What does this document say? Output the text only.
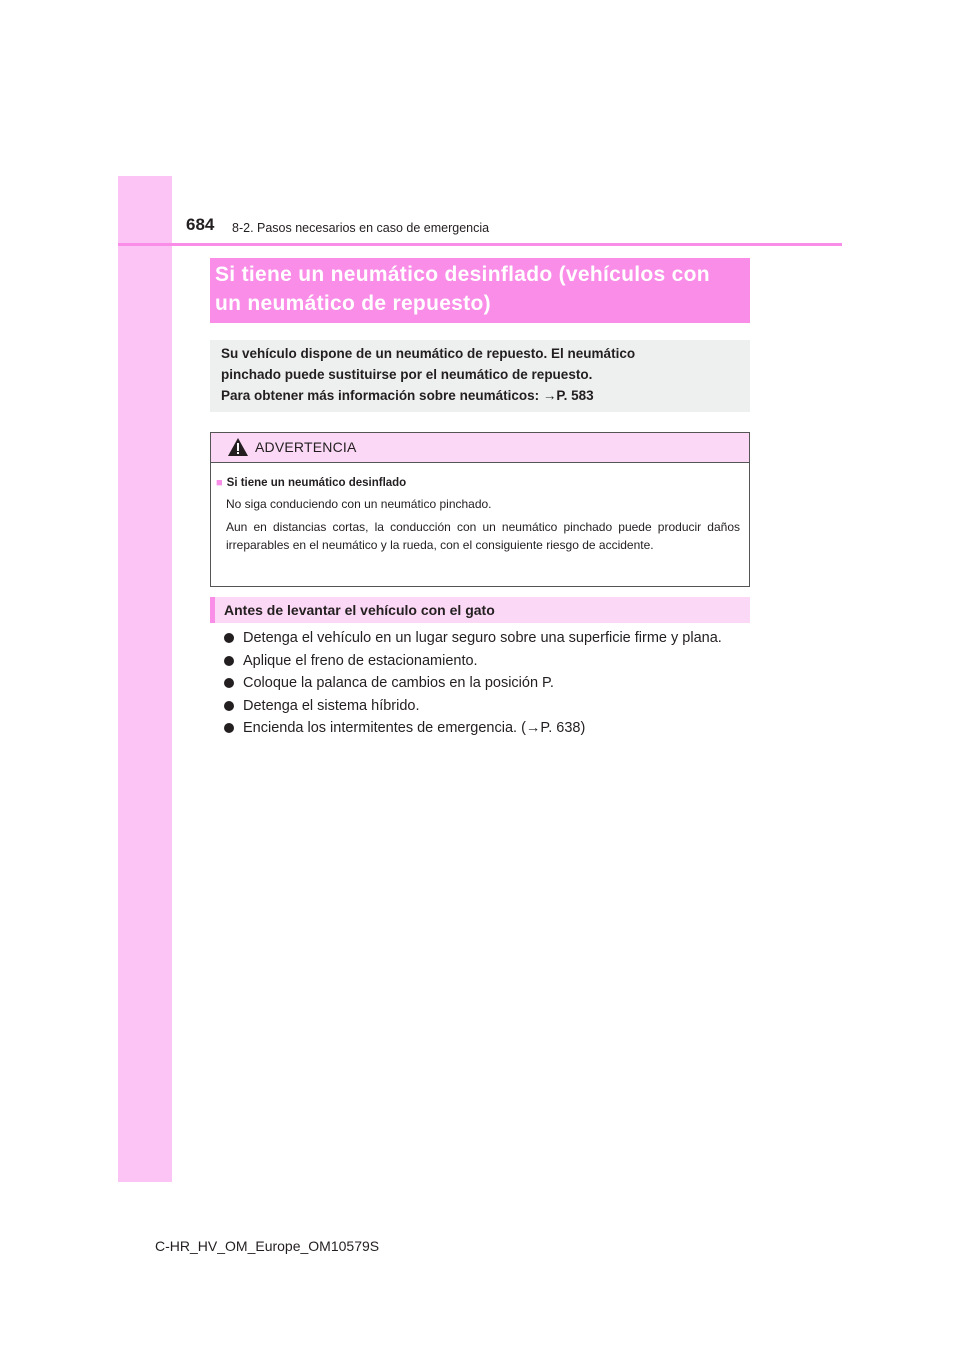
684 8-2. Pasos necesarios en caso de emergencia
Si tiene un neumático desinflado (vehículos con
un neumático de repuesto)

Su vehículo dispone de un neumático de repuesto. El neumático

pinchado puede sustituirse por el neumático de repuesto.

Para obtener más información sobre neumáticos: →P. 583

ADVERTENCIA
■ Si tiene un neumático desinflado

No siga conduciendo con un neumático pinchado.

Aun en distancias cortas, la conducción con un neumático pinchado puede producir daños irreparables en el neumático y la rueda, con el consiguiente riesgo de accidente.

Antes de levantar el vehículo con el gato
Detenga el vehículo en un lugar seguro sobre una superficie firme y plana.
Aplique el freno de estacionamiento.
Coloque la palanca de cambios en la posición P.
Detenga el sistema híbrido.
Encienda los intermitentes de emergencia. (→P. 638)
C-HR_HV_OM_Europe_OM10579S
